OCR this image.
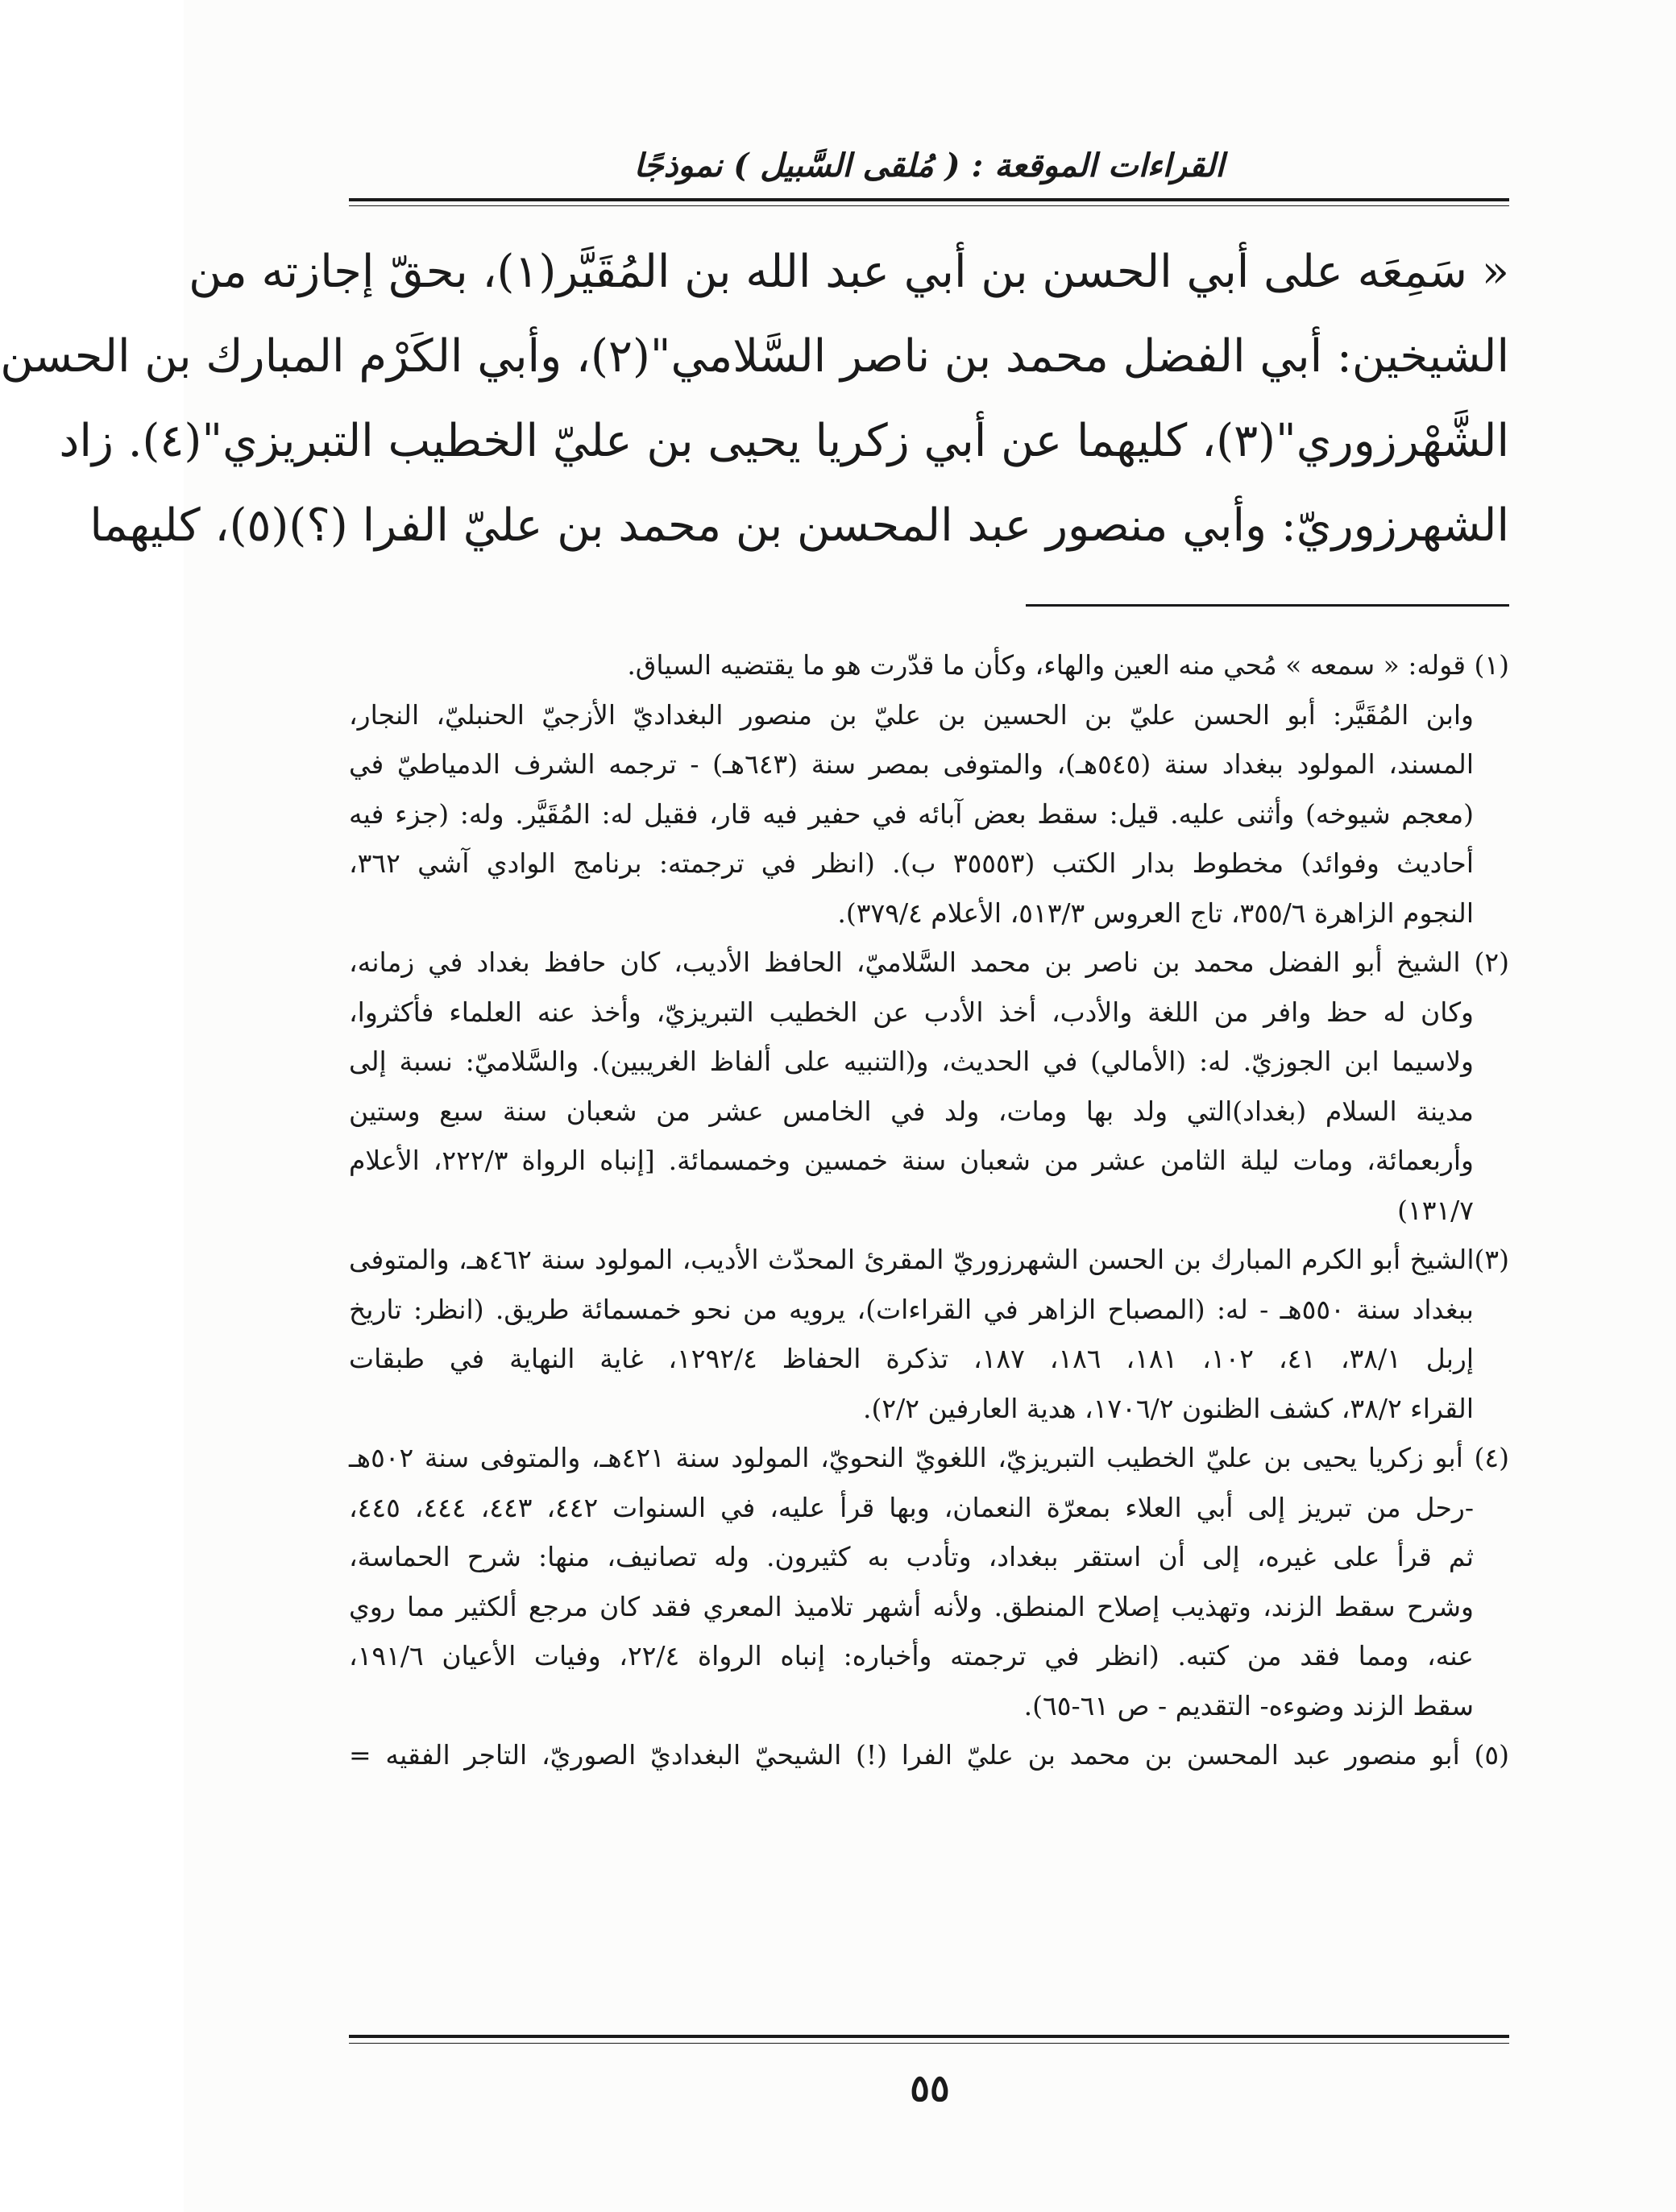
القراءات الموقعة : ( مُلقى السَّبيل ) نموذجًا
« سَمِعَه على أبي الحسن بن أبي عبد الله بن المُقَيَّر‏(١)، بحقّ إجازته من
الشيخين: أبي الفضل محمد بن ناصر السَّلامي‏"(٢)، وأبي الكَرْم المبارك بن الحسن
الشَّهْرزوري‏"(٣)، كليهما عن أبي زكريا يحيى بن عليّ الخطيب التبريزي‏"(٤). زاد
الشهرزوريّ: وأبي منصور عبد المحسن بن محمد بن عليّ الفرا (؟)(٥)، كليهما
(١) قوله: « سمعه » مُحي منه العين والهاء، وكأن ما قدّرت هو ما يقتضيه السياق.
وابن المُقَيَّر: أبو الحسن عليّ بن الحسين بن عليّ بن منصور البغداديّ الأزجيّ الحنبليّ، النجار،
المسند، المولود ببغداد سنة (٥٤٥هـ)، والمتوفى بمصر سنة (٦٤٣هـ) - ترجمه الشرف الدمياطيّ في
(معجم شيوخه) وأثنى عليه. قيل: سقط بعض آبائه في حفير فيه قار، فقيل له: المُقَيَّر. وله: (جزء فيه
أحاديث وفوائد) مخطوط بدار الكتب (٣٥٥٥٣ ب). (انظر في ترجمته: برنامج الوادي آشي ٣٦٢،
النجوم الزاهرة ٣٥٥/٦، تاج العروس ٥١٣/٣، الأعلام ٣٧٩/٤).
(٢) الشيخ أبو الفضل محمد بن ناصر بن محمد السَّلاميّ، الحافظ الأديب، كان حافظ بغداد في زمانه،
وكان له حظ وافر من اللغة والأدب، أخذ الأدب عن الخطيب التبريزيّ، وأخذ عنه العلماء فأكثروا،
ولاسيما ابن الجوزيّ. له: (الأمالي) في الحديث، و(التنبيه على ألفاظ الغريبين). والسَّلاميّ: نسبة إلى
مدينة السلام (بغداد)التي ولد بها ومات، ولد في الخامس عشر من شعبان سنة سبع وستين
وأربعمائة، ومات ليلة الثامن عشر من شعبان سنة خمسين وخمسمائة. [إنباه الرواة ٢٢٢/٣، الأعلام
١٣١/٧)
(٣)الشيخ أبو الكرم المبارك بن الحسن الشهرزوريّ المقرئ المحدّث الأديب، المولود سنة ٤٦٢هـ، والمتوفى
ببغداد سنة ٥٥٠هـ - له: (المصباح الزاهر في القراءات)، يرويه من نحو خمسمائة طريق. (انظر: تاريخ
إربل ٣٨/١، ٤١، ١٠٢، ١٨١، ١٨٦، ١٨٧، تذكرة الحفاظ ١٢٩٢/٤، غاية النهاية في طبقات
القراء ٣٨/٢، كشف الظنون ١٧٠٦/٢، هدية العارفين ٢/٢).
(٤) أبو زكريا يحيى بن عليّ الخطيب التبريزيّ، اللغويّ النحويّ، المولود سنة ٤٢١هـ، والمتوفى سنة ٥٠٢هـ
-رحل من تبريز إلى أبي العلاء بمعرّة النعمان، وبها قرأ عليه، في السنوات ٤٤٢، ٤٤٣، ٤٤٤، ٤٤٥،
ثم قرأ على غيره، إلى أن استقر ببغداد، وتأدب به كثيرون. وله تصانيف، منها: شرح الحماسة،
وشرح سقط الزند، وتهذيب إصلاح المنطق. ولأنه أشهر تلاميذ المعري فقد كان مرجع ألكثير مما روي
عنه، ومما فقد من كتبه. (انظر في ترجمته وأخباره: إنباه الرواة ٢٢/٤، وفيات الأعيان ١٩١/٦،
سقط الزند وضوءه- التقديم - ص ٦١-٦٥).
(٥) أبو منصور عبد المحسن بن محمد بن عليّ الفرا (!) الشيحيّ البغداديّ الصوريّ، التاجر الفقيه =
٥٥
